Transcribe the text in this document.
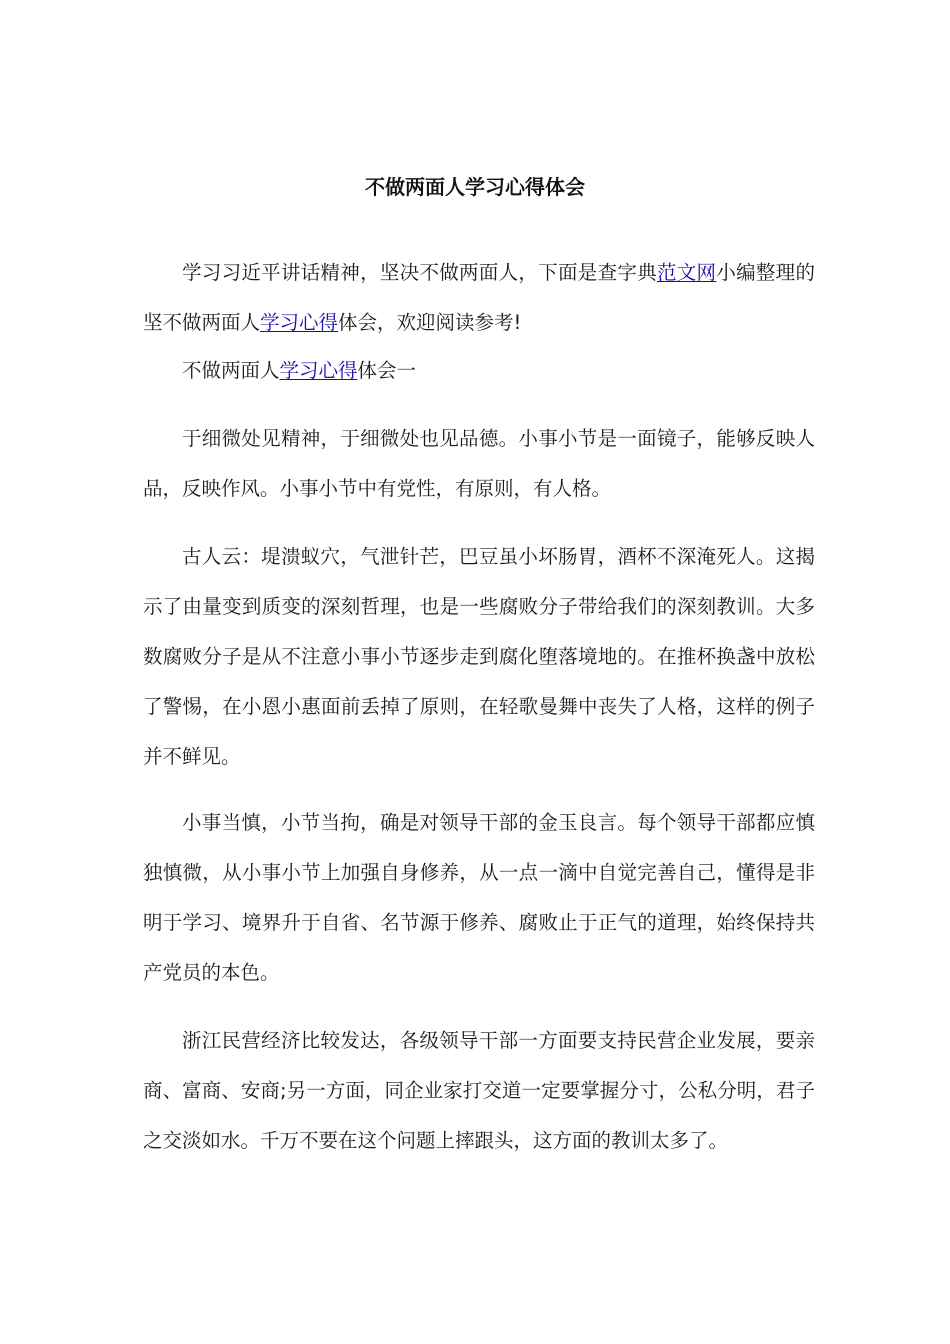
不做两面人学习心得体会

学习习近平讲话精神，坚决不做两面人，下面是查字典范文网小编整理的坚不做两面人学习心得体会，欢迎阅读参考!

不做两面人学习心得体会一

于细微处见精神，于细微处也见品德。小事小节是一面镜子，能够反映人品，反映作风。小事小节中有党性，有原则，有人格。

古人云：堤溃蚁穴，气泄针芒，巴豆虽小坏肠胃，酒杯不深淹死人。这揭示了由量变到质变的深刻哲理，也是一些腐败分子带给我们的深刻教训。大多数腐败分子是从不注意小事小节逐步走到腐化堕落境地的。在推杯换盏中放松了警惕，在小恩小惠面前丢掉了原则，在轻歌曼舞中丧失了人格，这样的例子并不鲜见。

小事当慎，小节当拘，确是对领导干部的金玉良言。每个领导干部都应慎独慎微，从小事小节上加强自身修养，从一点一滴中自觉完善自己，懂得是非明于学习、境界升于自省、名节源于修养、腐败止于正气的道理，始终保持共产党员的本色。

浙江民营经济比较发达，各级领导干部一方面要支持民营企业发展，要亲商、富商、安商;另一方面，同企业家打交道一定要掌握分寸，公私分明，君子之交淡如水。千万不要在这个问题上摔跟头，这方面的教训太多了。
